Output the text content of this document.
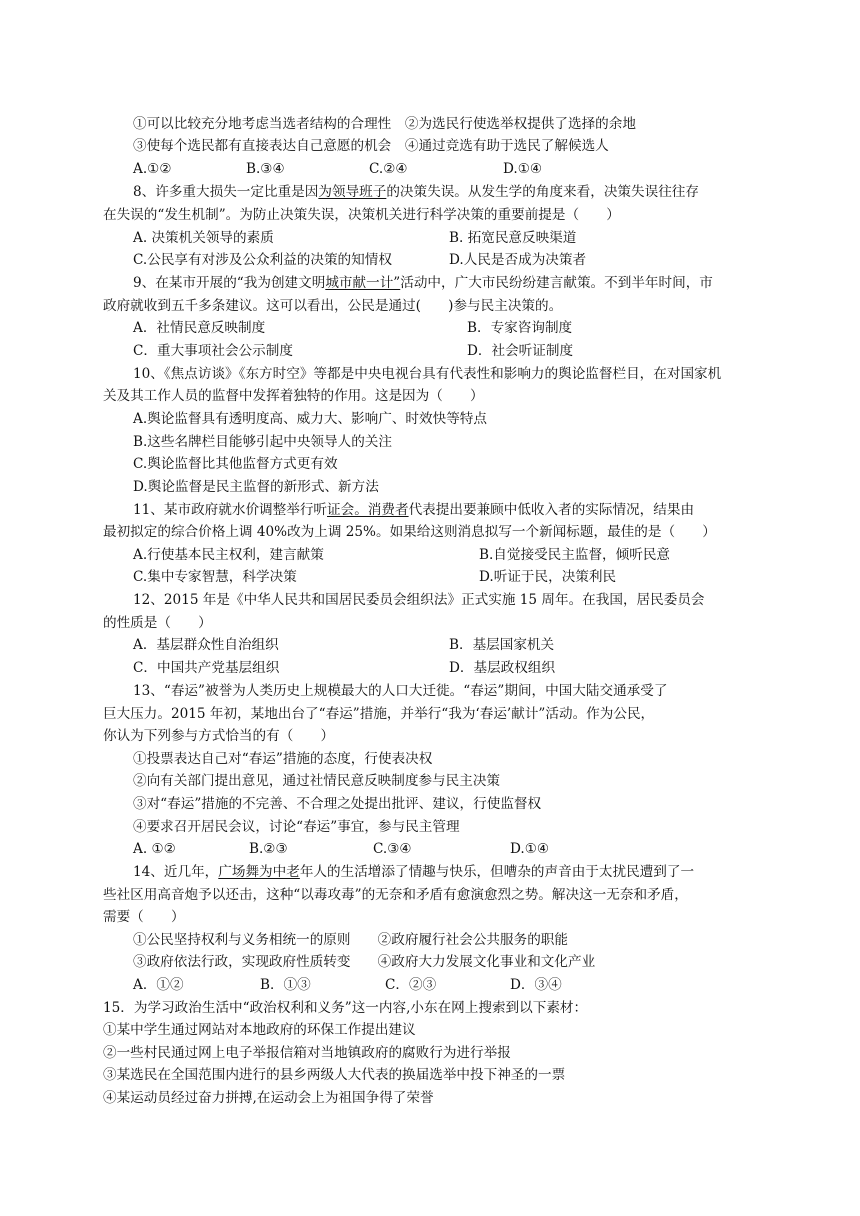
①可以比较充分地考虑当选者结构的合理性　②为选民行使选举权提供了选择的余地
③使每个选民都有直接表达自己意愿的机会　④通过竞选有助于选民了解候选人
A.①②	B.③④	C.②④	D.①④
8、许多重大损失一定比重是因为领导班子的决策失误。从发生学的角度来看，决策失误往往存
在失误的“发生机制”。为防止决策失误，决策机关进行科学决策的重要前提是（　　）
A. 决策机关领导的素质	B. 拓宽民意反映渠道
C.公民享有对涉及公众利益的决策的知情权	D.人民是否成为决策者
9、在某市开展的“我为创建文明城市献一计”活动中，广大市民纷纷建言献策。不到半年时间，市
政府就收到五千多条建议。这可以看出，公民是通过(　　)参与民主决策的。
A．社情民意反映制度	B．专家咨询制度
C．重大事项社会公示制度	D．社会听证制度
10、《焦点访谈》《东方时空》等都是中央电视台具有代表性和影响力的舆论监督栏目，在对国家机
关及其工作人员的监督中发挥着独特的作用。这是因为（　　）
A.舆论监督具有透明度高、威力大、影响广、时效快等特点
B.这些名牌栏目能够引起中央领导人的关注
C.舆论监督比其他监督方式更有效
D.舆论监督是民主监督的新形式、新方法
11、某市政府就水价调整举行听证会。消费者代表提出要兼顾中低收入者的实际情况，结果由
最初拟定的综合价格上调 40%改为上调 25%。如果给这则消息拟写一个新闻标题，最佳的是（　　）
A.行使基本民主权利，建言献策	B.自觉接受民主监督，倾听民意
C.集中专家智慧，科学决策	D.听证于民，决策利民
12、2015 年是《中华人民共和国居民委员会组织法》正式实施 15 周年。在我国，居民委员会
的性质是（　　）
A．基层群众性自治组织	B．基层国家机关
C．中国共产党基层组织	D．基层政权组织
13、“春运”被誉为人类历史上规模最大的人口大迁徙。“春运”期间，中国大陆交通承受了
巨大压力。2015 年初，某地出台了“春运”措施，并举行“我为‘春运’献计”活动。作为公民，
你认为下列参与方式恰当的有（　　）
①投票表达自己对“春运”措施的态度，行使表决权
②向有关部门提出意见，通过社情民意反映制度参与民主决策
③对“春运”措施的不完善、不合理之处提出批评、建议，行使监督权
④要求召开居民会议，讨论“春运”事宜，参与民主管理
A. ①②	B.②③	C.③④	D.①④
14、近几年，广场舞为中老年人的生活增添了情趣与快乐，但嘈杂的声音由于太扰民遭到了一
些社区用高音炮予以还击，这种“以毒攻毒”的无奈和矛盾有愈演愈烈之势。解决这一无奈和矛盾，
需要（　　）
①公民坚持权利与义务相统一的原则　　②政府履行社会公共服务的职能
③政府依法行政，实现政府性质转变　　④政府大力发展文化事业和文化产业
A．①②	B．①③	C．②③	D．③④
15．为学习政治生活中“政治权利和义务”这一内容,小东在网上搜索到以下素材：
①某中学生通过网站对本地政府的环保工作提出建议
②一些村民通过网上电子举报信箱对当地镇政府的腐败行为进行举报
③某选民在全国范围内进行的县乡两级人大代表的换届选举中投下神圣的一票
④某运动员经过奋力拼搏,在运动会上为祖国争得了荣誉
